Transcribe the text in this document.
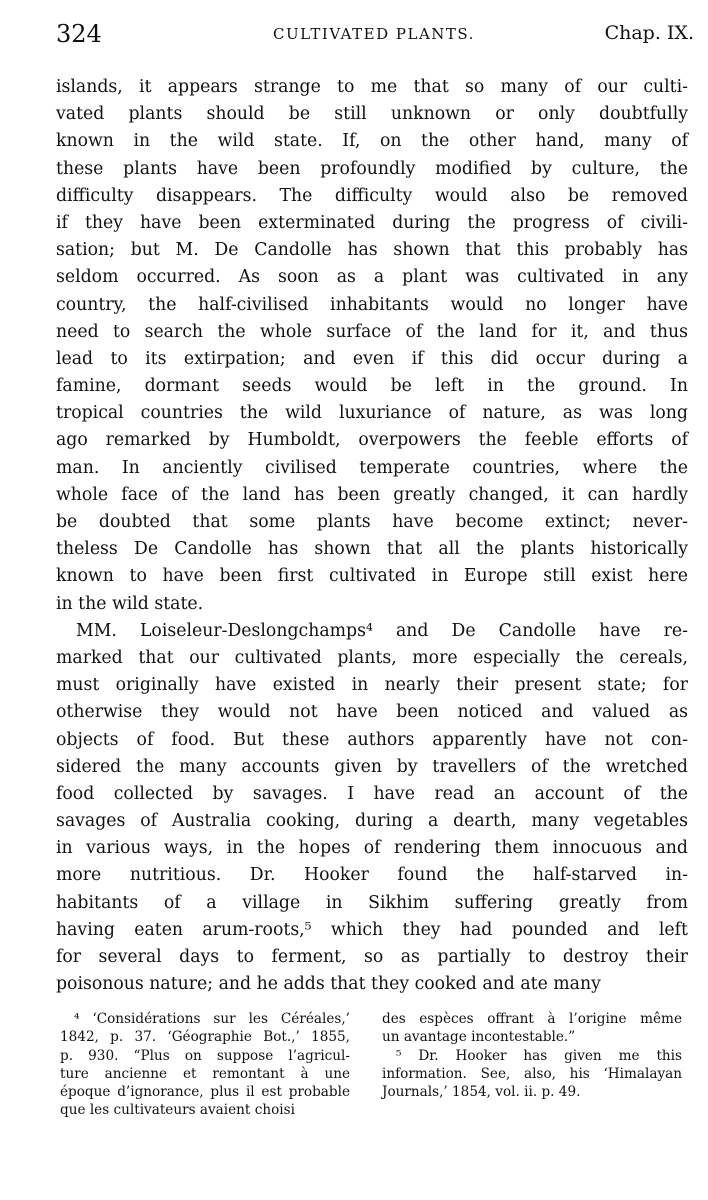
324	CULTIVATED PLANTS.	Chap. IX.
islands, it appears strange to me that so many of our culti-
vated plants should be still unknown or only doubtfully
known in the wild state. If, on the other hand, many of
these plants have been profoundly modified by culture, the
difficulty disappears. The difficulty would also be removed
if they have been exterminated during the progress of civili-
sation; but M. De Candolle has shown that this probably has
seldom occurred. As soon as a plant was cultivated in any
country, the half-civilised inhabitants would no longer have
need to search the whole surface of the land for it, and thus
lead to its extirpation; and even if this did occur during a
famine, dormant seeds would be left in the ground. In
tropical countries the wild luxuriance of nature, as was long
ago remarked by Humboldt, overpowers the feeble efforts of
man. In anciently civilised temperate countries, where the
whole face of the land has been greatly changed, it can hardly
be doubted that some plants have become extinct; never-
theless De Candolle has shown that all the plants historically
known to have been first cultivated in Europe still exist here
in the wild state.
MM. Loiseleur-Deslongchamps⁴ and De Candolle have re-
marked that our cultivated plants, more especially the cereals,
must originally have existed in nearly their present state; for
otherwise they would not have been noticed and valued as
objects of food. But these authors apparently have not con-
sidered the many accounts given by travellers of the wretched
food collected by savages. I have read an account of the
savages of Australia cooking, during a dearth, many vegetables
in various ways, in the hopes of rendering them innocuous and
more nutritious. Dr. Hooker found the half-starved in-
habitants of a village in Sikhim suffering greatly from
having eaten arum-roots,⁵ which they had pounded and left
for several days to ferment, so as partially to destroy their
poisonous nature; and he adds that they cooked and ate many
⁴ ‘Considérations sur les Céréales,’
1842, p. 37. ‘Géographie Bot.,’ 1855,
p. 930. “Plus on suppose l’agricul-
ture ancienne et remontant à une
époque d’ignorance, plus il est probable
que les cultivateurs avaient choisi
des espèces offrant à l’origine même
un avantage incontestable.”
⁵ Dr. Hooker has given me this
information. See, also, his ‘Himalayan
Journals,’ 1854, vol. ii. p. 49.
